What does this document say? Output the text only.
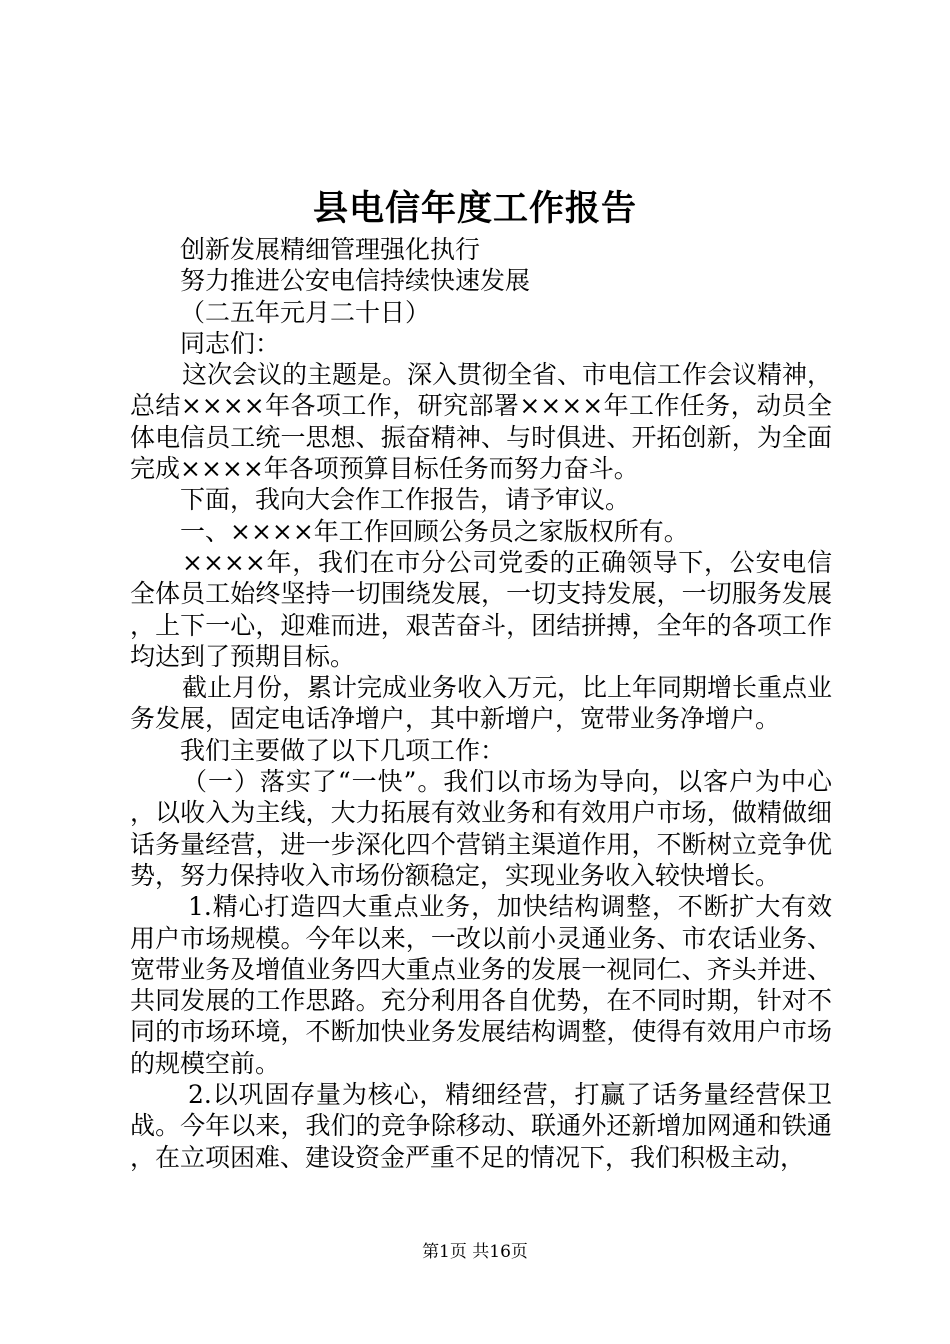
县电信年度工作报告

创新发展精细管理强化执行

努力推进公安电信持续快速发展

（二五年元月二十日）

同志们：

这次会议的主题是。深入贯彻全省、市电信工作会议精神，总结××××年各项工作，研究部署××××年工作任务，动员全体电信员工统一思想、振奋精神、与时俱进、开拓创新，为全面完成××××年各项预算目标任务而努力奋斗。

下面，我向大会作工作报告，请予审议。

一、××××年工作回顾公务员之家版权所有。

××××年，我们在市分公司党委的正确领导下，公安电信全体员工始终坚持一切围绕发展，一切支持发展，一切服务发展，上下一心，迎难而进，艰苦奋斗，团结拼搏，全年的各项工作均达到了预期目标。

截止月份，累计完成业务收入万元，比上年同期增长重点业务发展，固定电话净增户，其中新增户，宽带业务净增户。

我们主要做了以下几项工作：

（一）落实了“一快”。我们以市场为导向，以客户为中心，以收入为主线，大力拓展有效业务和有效用户市场，做精做细话务量经营，进一步深化四个营销主渠道作用，不断树立竞争优势，努力保持收入市场份额稳定，实现业务收入较快增长。

1.精心打造四大重点业务，加快结构调整，不断扩大有效用户市场规模。今年以来，一改以前小灵通业务、市农话业务、宽带业务及增值业务四大重点业务的发展一视同仁、齐头并进、共同发展的工作思路。充分利用各自优势，在不同时期，针对不同的市场环境，不断加快业务发展结构调整，使得有效用户市场的规模空前。

2.以巩固存量为核心，精细经营，打赢了话务量经营保卫战。今年以来，我们的竞争除移动、联通外还新增加网通和铁通，在立项困难、建设资金严重不足的情况下，我们积极主动，

第1页 共16页
